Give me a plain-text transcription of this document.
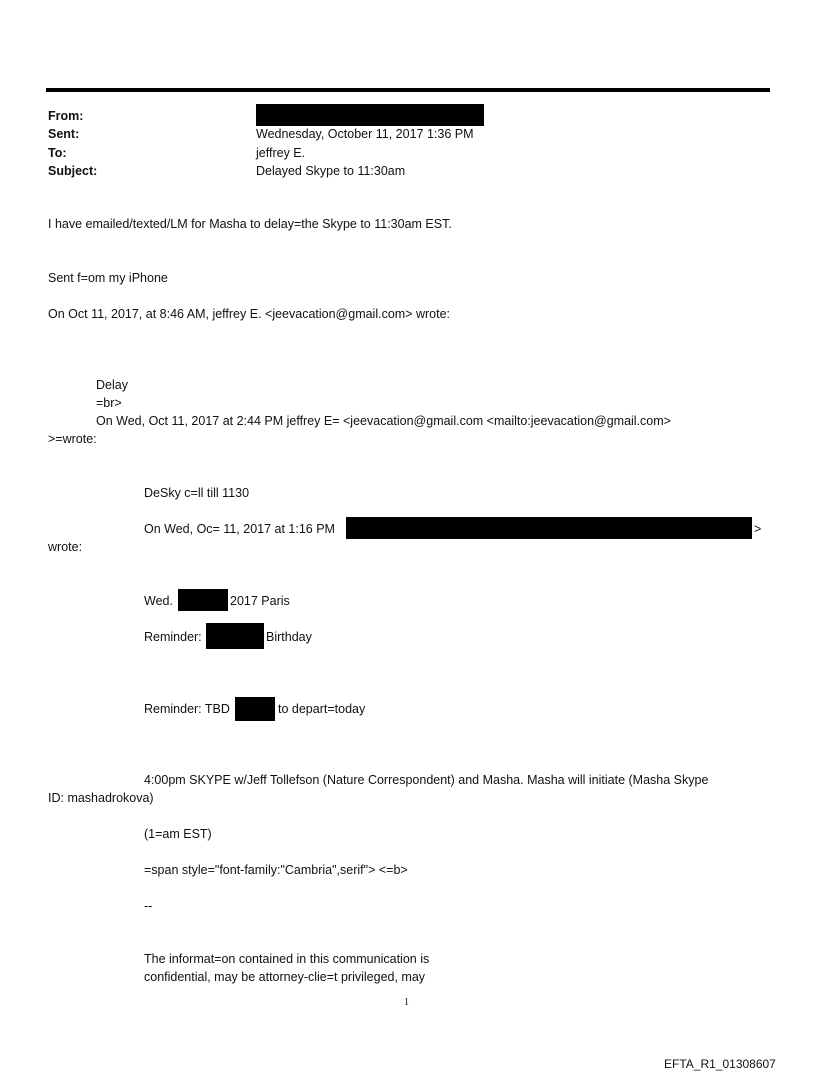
From:
Sent:	Wednesday, October 11, 2017 1:36 PM
To:	jeffrey E.
Subject:	Delayed Skype to 11:30am
I have emailed/texted/LM for Masha to delay=the Skype to 11:30am EST.
Sent f=om my iPhone
On Oct 11, 2017, at 8:46 AM, jeffrey E. <jeevacation@gmail.com> wrote:
Delay
=br>
On Wed, Oct 11, 2017 at 2:44 PM jeffrey E= <jeevacation@gmail.com <mailto:jeevacation@gmail.com>
>=wrote:
DeSky c=ll till 1130
On Wed, Oc= 11, 2017 at 1:16 PM	>
wrote:
Wed.	2017 Paris
Reminder:	Birthday
Reminder: TBD	to depart=today
4:00pm SKYPE w/Jeff Tollefson (Nature Correspondent) and Masha. Masha will initiate (Masha Skype
ID: mashadrokova)
(1=am EST)
=span style="font-family:"Cambria",serif"> <=b>
--
The informat=on contained in this communication is
confidential, may be attorney-clie=t privileged, may
1
EFTA_R1_01308607
